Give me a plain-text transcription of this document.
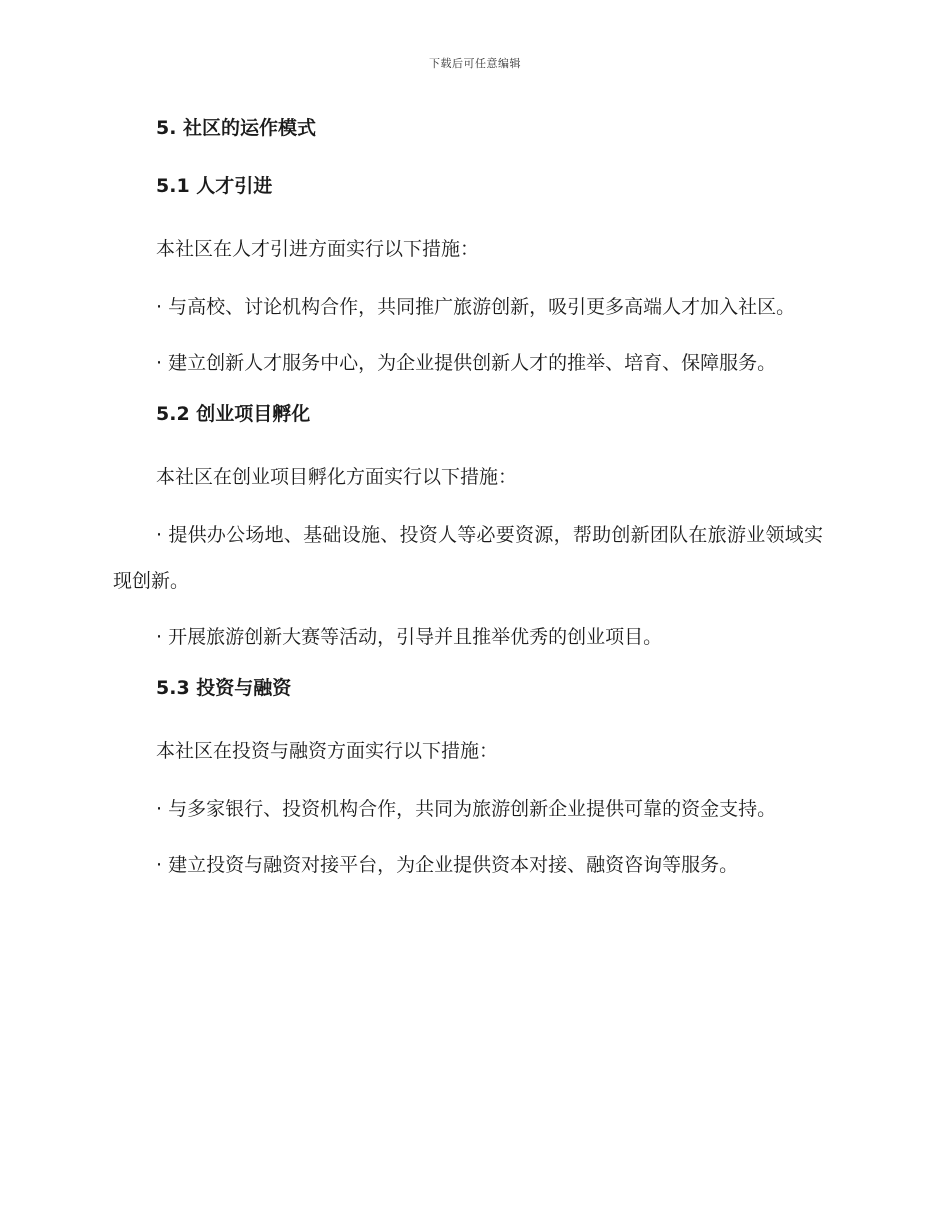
下载后可任意编辑
5. 社区的运作模式
5.1 人才引进

本社区在人才引进方面实行以下措施：

· 与高校、讨论机构合作，共同推广旅游创新，吸引更多高端人才加入社区。

· 建立创新人才服务中心，为企业提供创新人才的推举、培育、保障服务。

5.2 创业项目孵化

本社区在创业项目孵化方面实行以下措施：

· 提供办公场地、基础设施、投资人等必要资源，帮助创新团队在旅游业领域实现创新。

· 开展旅游创新大赛等活动，引导并且推举优秀的创业项目。

5.3 投资与融资

本社区在投资与融资方面实行以下措施：

· 与多家银行、投资机构合作，共同为旅游创新企业提供可靠的资金支持。

· 建立投资与融资对接平台，为企业提供资本对接、融资咨询等服务。
